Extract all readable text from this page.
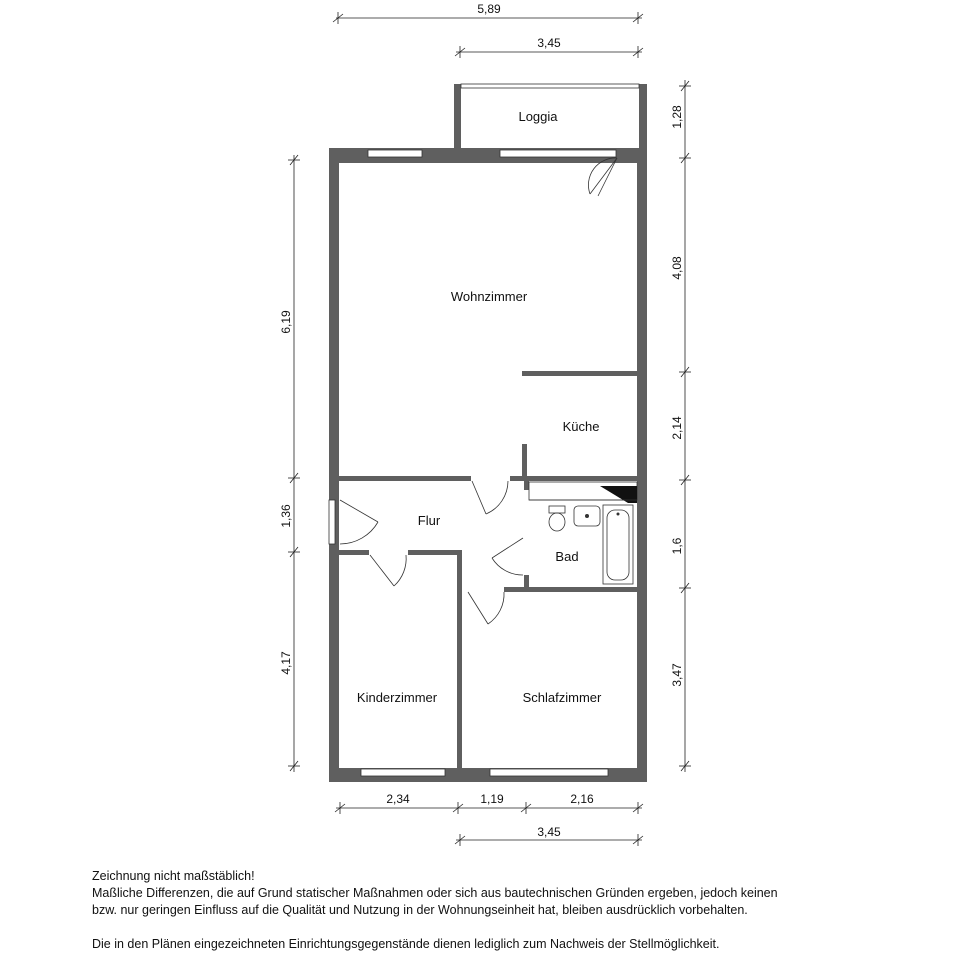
Loggia
Wohnzimmer
Küche
Flur
Bad
Kinderzimmer	Schlafzimmer
5,89
3,45
1,28
4,08
2,14
1,6
3,47
6,19
1,36
4,17
2,34	1,19	2,16
3,45

Zeichnung nicht maßstäblich!

Maßliche Differenzen, die auf Grund statischer Maßnahmen oder sich aus bautechnischen Gründen ergeben, jedoch keinen

bzw. nur geringen Einfluss auf die Qualität und Nutzung in der Wohnungseinheit hat, bleiben ausdrücklich vorbehalten.

Die in den Plänen eingezeichneten Einrichtungsgegenstände dienen lediglich zum Nachweis der Stellmöglichkeit.
